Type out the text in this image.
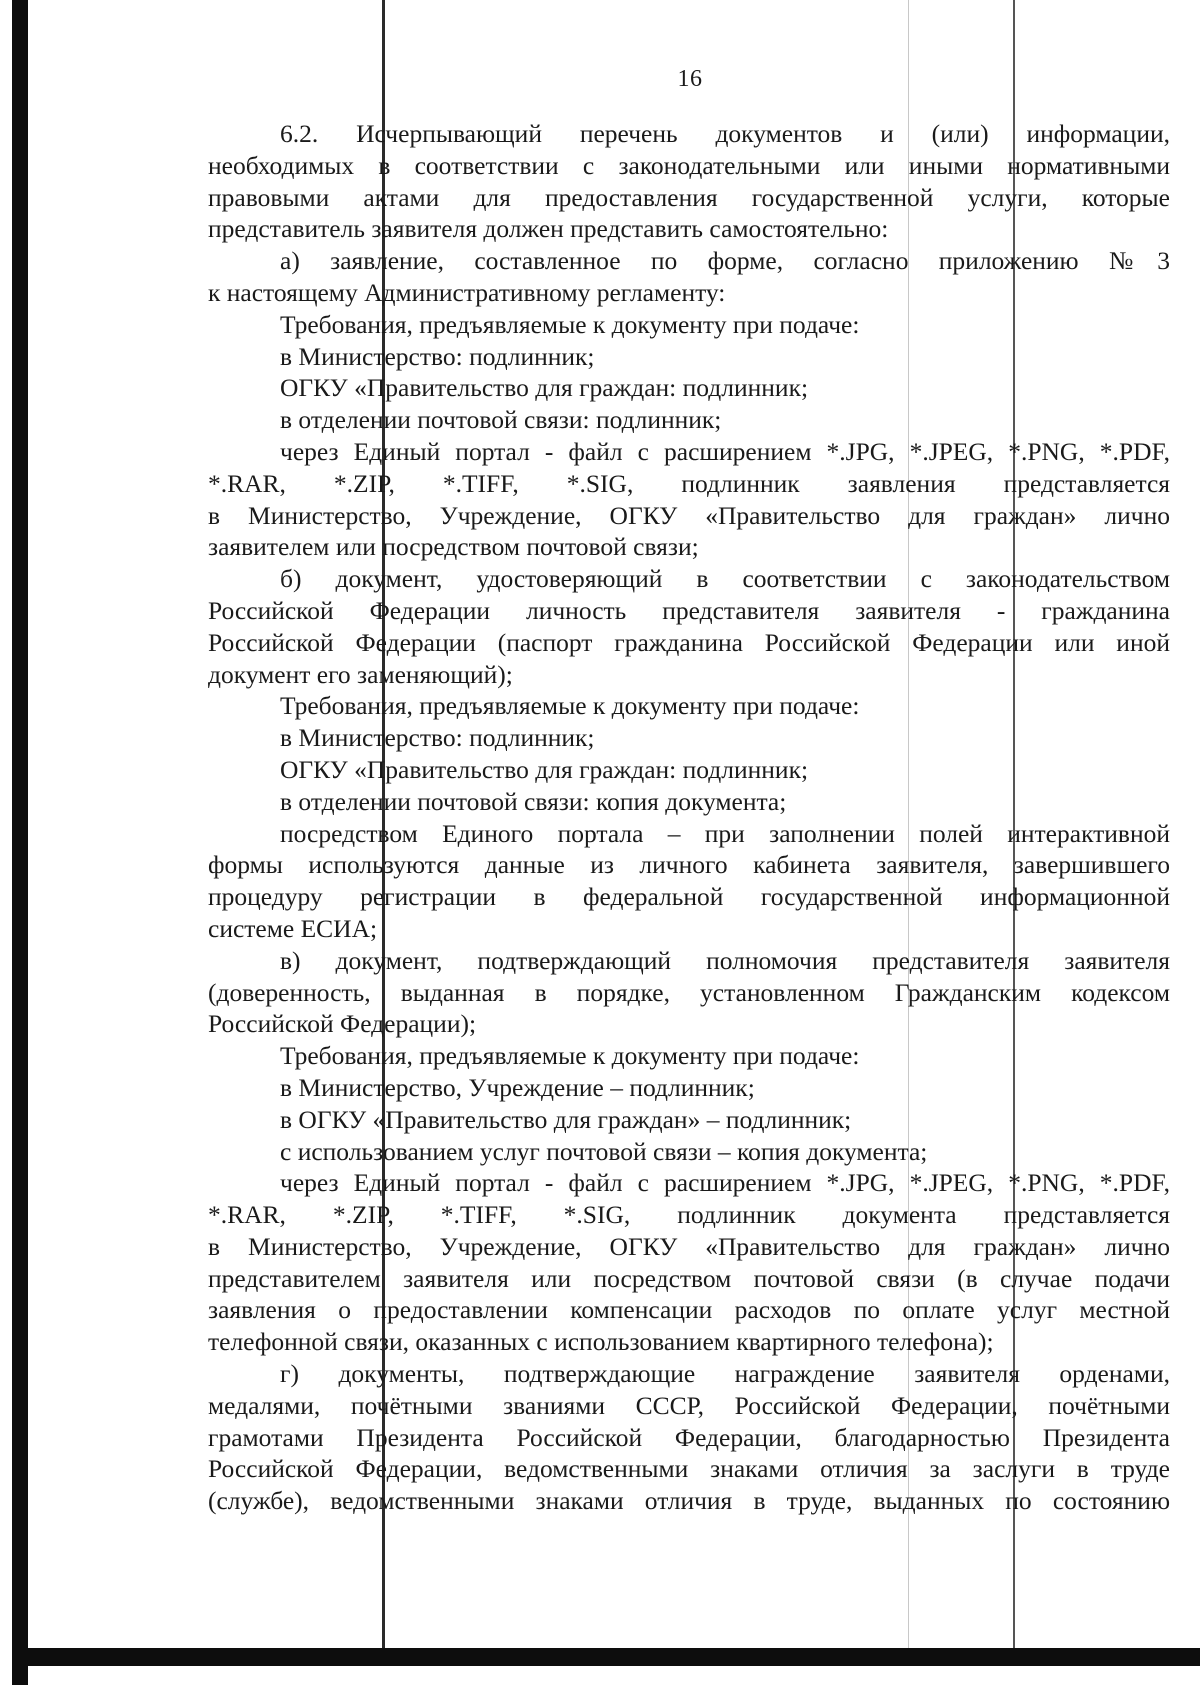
16
6.2. Исчерпывающий перечень документов и (или) информации,
необходимых в соответствии с законодательными или иными нормативными
правовыми актами для предоставления государственной услуги, которые
представитель заявителя должен представить самостоятельно:
а) заявление, составленное по форме, согласно приложению №3
к настоящему Административному регламенту:
Требования, предъявляемые к документу при подаче:
в Министерство: подлинник;
ОГКУ «Правительство для граждан: подлинник;
в отделении почтовой связи: подлинник;
через Единый портал - файл с расширением *.JPG, *.JPEG, *.PNG, *.PDF,
*.RAR, *.ZIP, *.TIFF, *.SIG, подлинник заявления представляется
в Министерство, Учреждение, ОГКУ «Правительство для граждан» лично
заявителем или посредством почтовой связи;
б) документ, удостоверяющий в соответствии с законодательством
Российской Федерации личность представителя заявителя - гражданина
Российской Федерации (паспорт гражданина Российской Федерации или иной
документ его заменяющий);
Требования, предъявляемые к документу при подаче:
в Министерство: подлинник;
ОГКУ «Правительство для граждан: подлинник;
в отделении почтовой связи: копия документа;
посредством Единого портала – при заполнении полей интерактивной
формы используются данные из личного кабинета заявителя, завершившего
процедуру регистрации в федеральной государственной информационной
системе ЕСИА;
в) документ, подтверждающий полномочия представителя заявителя
(доверенность, выданная в порядке, установленном Гражданским кодексом
Российской Федерации);
Требования, предъявляемые к документу при подаче:
в Министерство, Учреждение – подлинник;
в ОГКУ «Правительство для граждан» – подлинник;
с использованием услуг почтовой связи – копия документа;
через Единый портал - файл с расширением *.JPG, *.JPEG, *.PNG, *.PDF,
*.RAR, *.ZIP, *.TIFF, *.SIG, подлинник документа представляется
в Министерство, Учреждение, ОГКУ «Правительство для граждан» лично
представителем заявителя или посредством почтовой связи (в случае подачи
заявления о предоставлении компенсации расходов по оплате услуг местной
телефонной связи, оказанных с использованием квартирного телефона);
г) документы, подтверждающие награждение заявителя орденами,
медалями, почётными званиями СССР, Российской Федерации, почётными
грамотами Президента Российской Федерации, благодарностью Президента
Российской Федерации, ведомственными знаками отличия за заслуги в труде
(службе), ведомственными знаками отличия в труде, выданных по состоянию
